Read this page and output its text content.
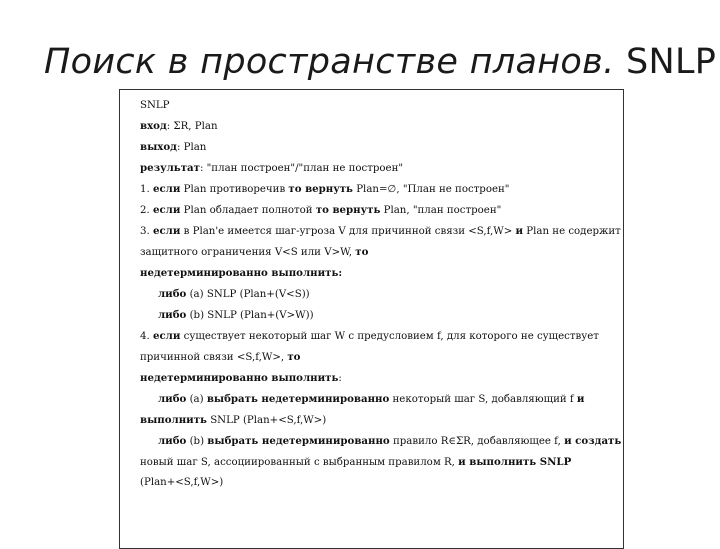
Поиск в пространстве планов. SNLP
SNLP
вход: ΣR, Plan
выход: Plan
результат: "план построен"/"план не построен"
1. если Plan противоречив то вернуть Plan=∅, "План не построен"
2. если Plan обладает полнотой то вернуть Plan, "план построен"
3. если в Plan'е имеется шаг-угроза V для причинной связи <S,f,W> и Plan не содержит
защитного ограничения V<S или V>W, то
недетерминированно выполнить:
либо (a) SNLP (Plan+(V<S))
либо (b) SNLP (Plan+(V>W))
4. если существует некоторый шаг W с предусловием f, для которого не существует
причинной связи <S,f,W>, то
недетерминированно выполнить:
либо (a) выбрать недетерминированно некоторый шаг S, добавляющий f и
выполнить SNLP (Plan+<S,f,W>)
либо (b) выбрать недетерминированно правило R∈ΣR, добавляющее f, и создать
новый шаг S, ассоциированный с выбранным правилом R, и выполнить SNLP
(Plan+<S,f,W>)
